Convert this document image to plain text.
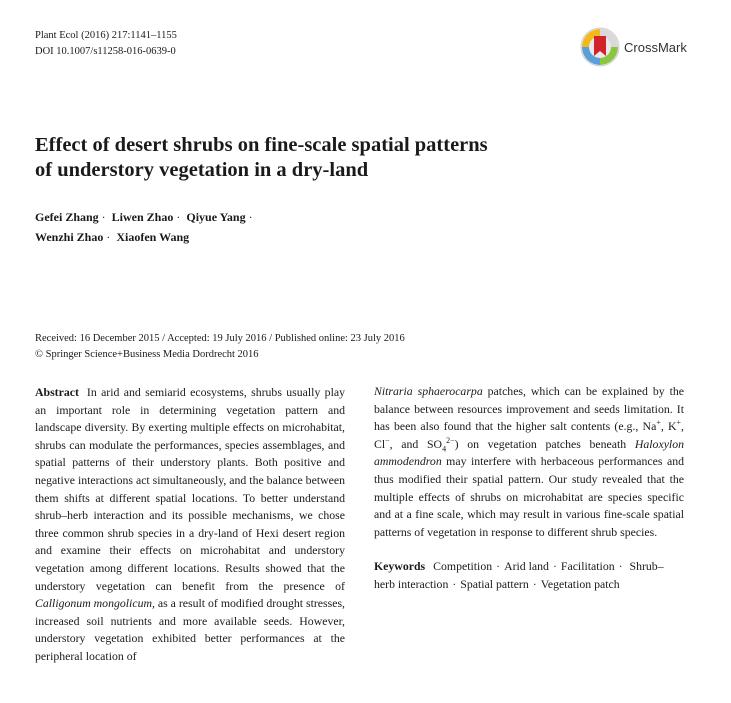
Plant Ecol (2016) 217:1141–1155
DOI 10.1007/s11258-016-0639-0	CrossMark
Effect of desert shrubs on fine-scale spatial patterns
of understory vegetation in a dry-land
Gefei Zhang · Liwen Zhao · Qiyue Yang ·
Wenzhi Zhao · Xiaofen Wang
Received: 16 December 2015 / Accepted: 19 July 2016 / Published online: 23 July 2016
© Springer Science+Business Media Dordrecht 2016

Abstract In arid and semiarid ecosystems, shrubs usually play an important role in determining vegetation pattern and landscape diversity. By exerting multiple effects on microhabitat, shrubs can modulate the performances, species assemblages, and spatial patterns of their understory plants. Both positive and negative interactions act simultaneously, and the balance between them shifts at different spatial locations. To better understand shrub–herb interaction and its possible mechanisms, we chose three common shrub species in a dry-land of Hexi desert region and examine their effects on microhabitat and understory vegetation among different locations. Results showed that the understory vegetation can benefit from the presence of Calligonum mongolicum, as a result of modified drought stresses, increased soil nutrients and more available seeds. However, understory vegetation exhibited better performances at the peripheral location of

Nitraria sphaerocarpa patches, which can be explained by the balance between resources improvement and seeds limitation. It has been also found that the higher salt contents (e.g., Na+, K+, Cl−, and $SO_4^{2-}$) on vegetation patches beneath Haloxylon ammodendron may interfere with herbaceous performances and thus modified their spatial pattern. Our study revealed that the multiple effects of shrubs on microhabitat are species specific and at a fine scale, which may result in various fine-scale spatial patterns of vegetation in response to different shrub species.

Keywords Competition · Arid land · Facilitation · Shrub–herb interaction · Spatial pattern · Vegetation patch
